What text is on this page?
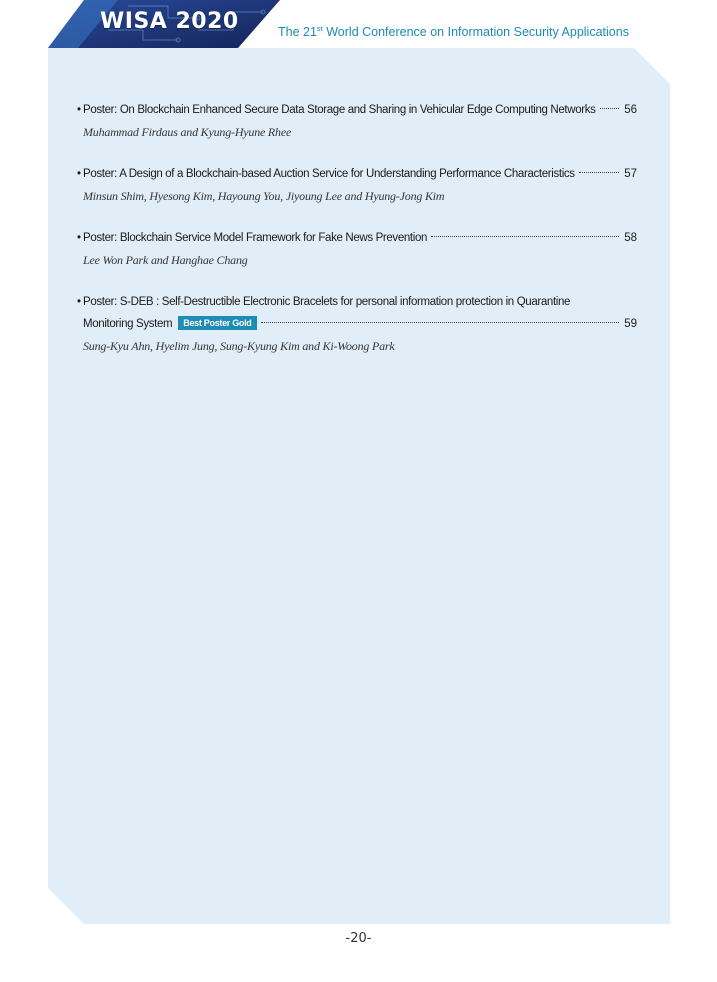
WISA 2020	The 21st World Conference on Information Security Applications
• Poster: On Blockchain Enhanced Secure Data Storage and Sharing in Vehicular Edge Computing Networks 56
Muhammad Firdaus and Kyung-Hyune Rhee
• Poster: A Design of a Blockchain-based Auction Service for Understanding Performance Characteristics	57
Minsun Shim, Hyesong Kim, Hayoung You, Jiyoung Lee and Hyung-Jong Kim
• Poster: Blockchain Service Model Framework for Fake News Prevention	58
Lee Won Park and Hanghae Chang
• Poster: S-DEB : Self-Destructible Electronic Bracelets for personal information protection in Quarantine
Monitoring System	Best Poster Gold	59
Sung-Kyu Ahn, Hyelim Jung, Sung-Kyung Kim and Ki-Woong Park
-20-
